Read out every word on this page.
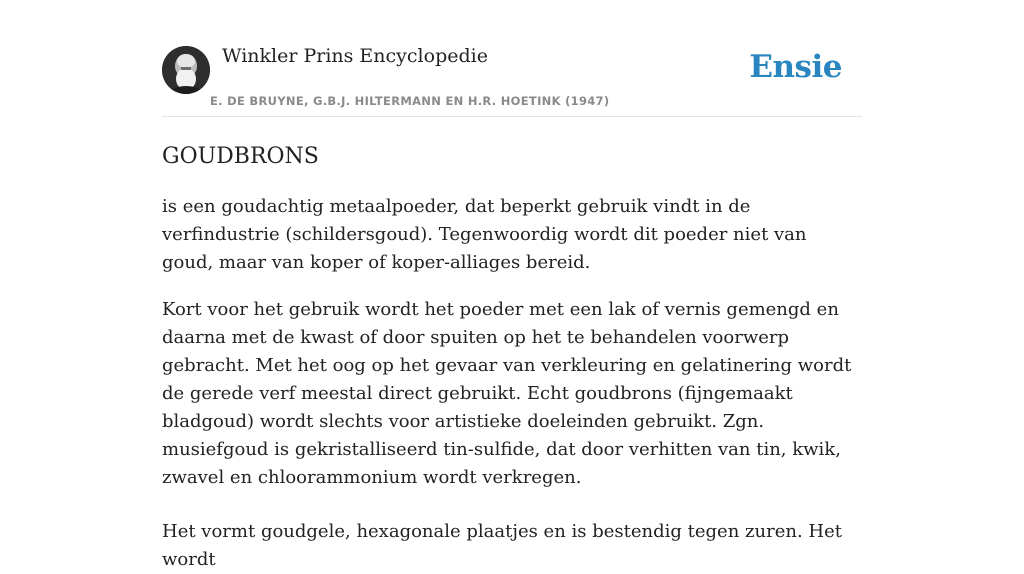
Winkler Prins Encyclopedie
E. DE BRUYNE, G.B.J. HILTERMANN EN H.R. HOETINK (1947)
Ensie
GOUDBRONS

is een goudachtig metaalpoeder, dat beperkt gebruik vindt in de verfindustrie (schildersgoud). Tegenwoordig wordt dit poeder niet van goud, maar van koper of koper-alliages bereid.

Kort voor het gebruik wordt het poeder met een lak of vernis gemengd en daarna met de kwast of door spuiten op het te behandelen voorwerp gebracht. Met het oog op het gevaar van verkleuring en gelatinering wordt de gerede verf meestal direct gebruikt. Echt goudbrons (fijngemaakt bladgoud) wordt slechts voor artistieke doeleinden gebruikt. Zgn. musiefgoud is gekristalliseerd tin-sulfide, dat door verhitten van tin, kwik, zwavel en chloorammonium wordt verkregen.

Het vormt goudgele, hexagonale plaatjes en is bestendig tegen zuren. Het wordt
